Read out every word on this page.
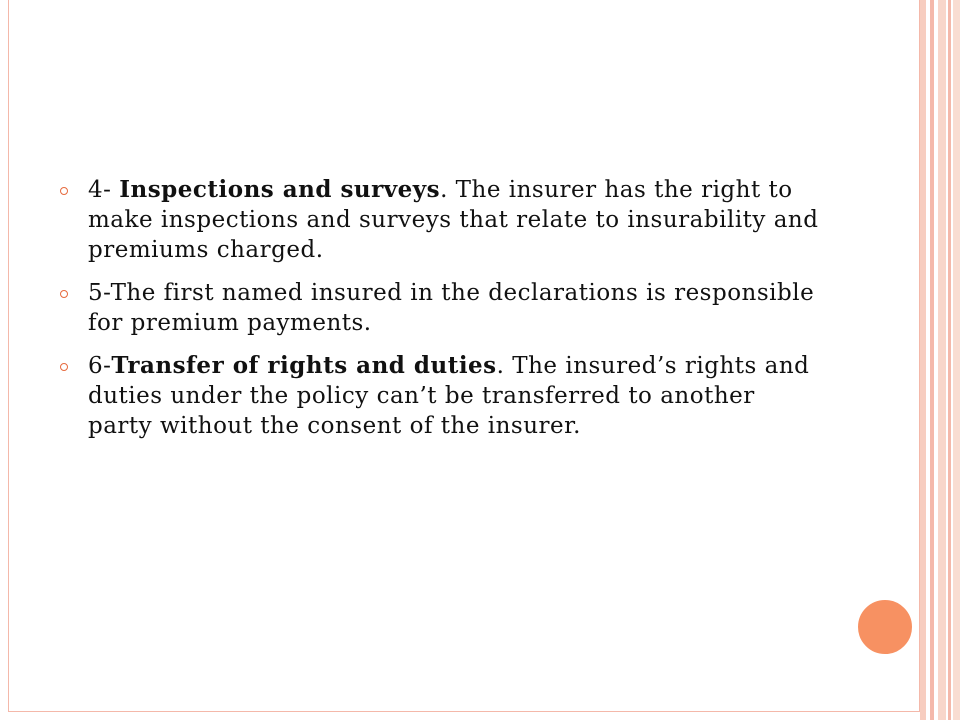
4- Inspections and surveys. The insurer has the right to make inspections and surveys that relate to insurability and premiums charged.
5-The first named insured in the declarations is responsible for premium payments.
6-Transfer of rights and duties. The insured’s rights and duties under the policy can’t be transferred to another party without the consent of the insurer.
